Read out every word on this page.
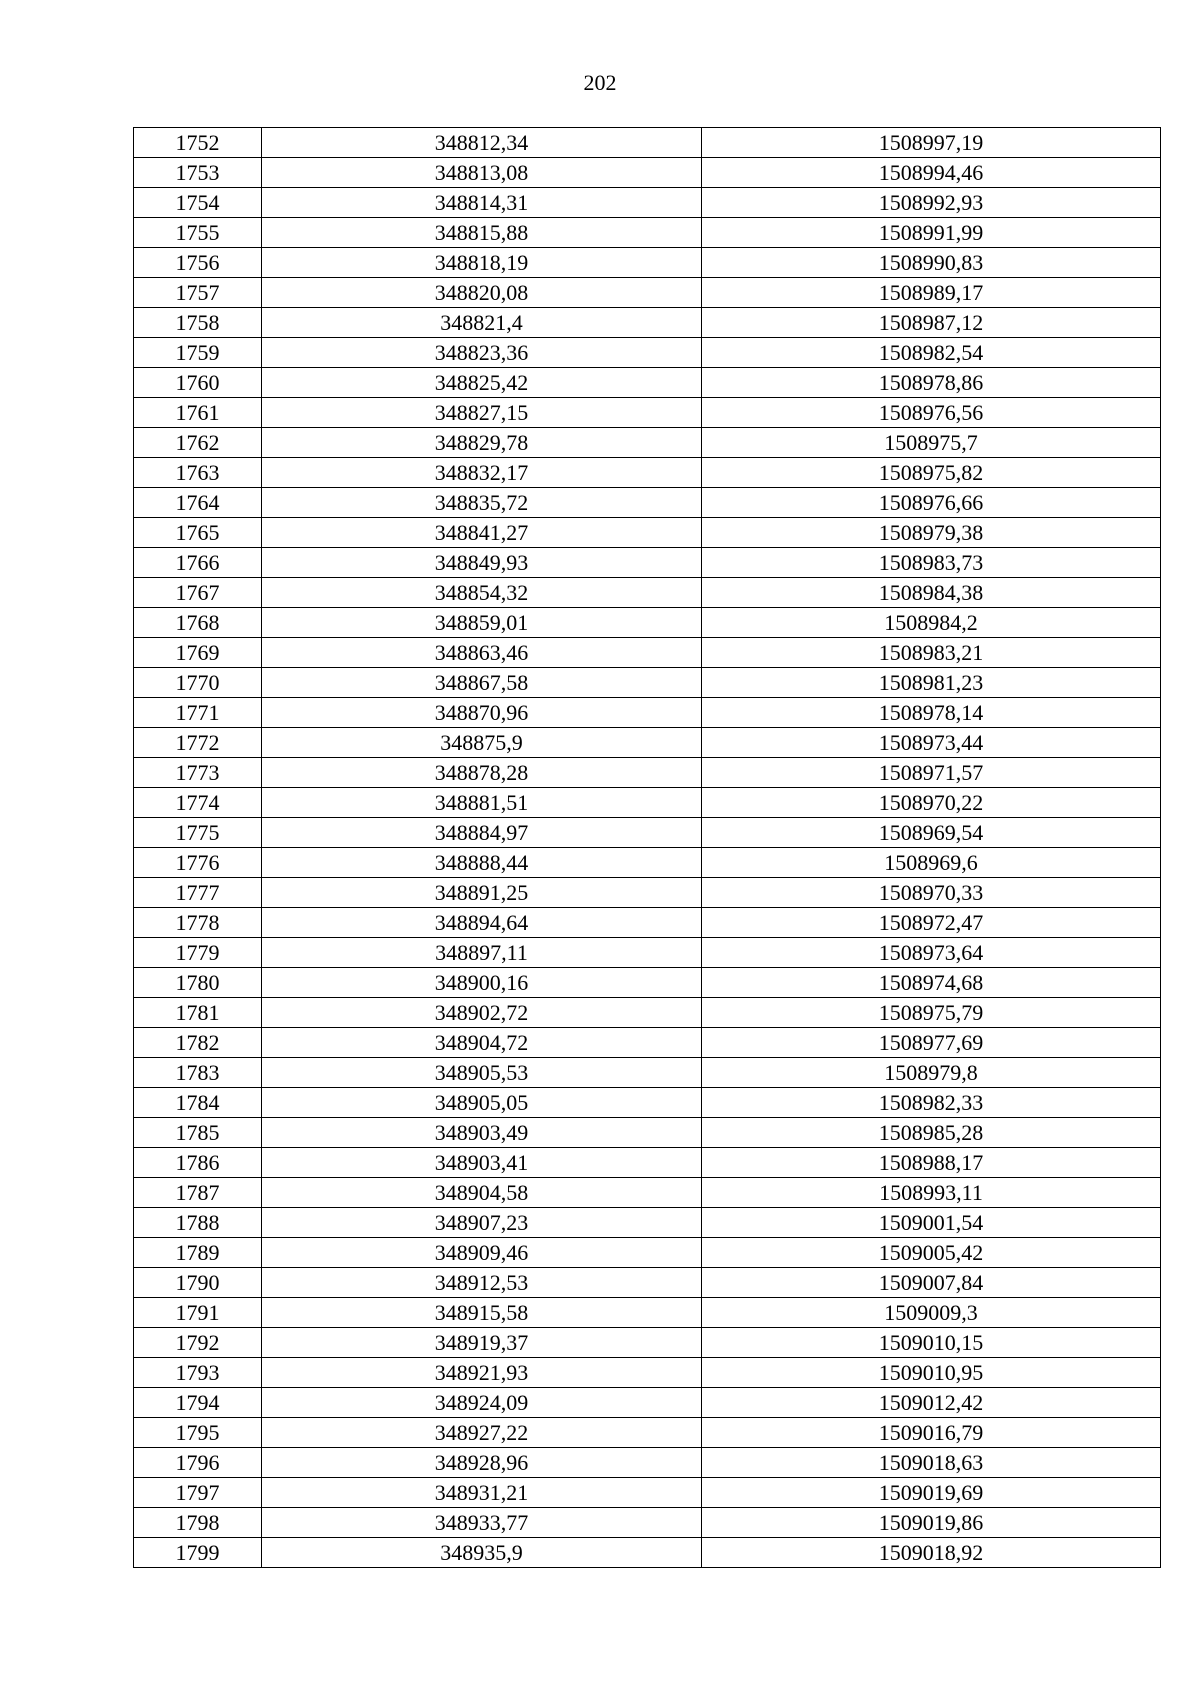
202
1752	348812,34	1508997,19
1753	348813,08	1508994,46
1754	348814,31	1508992,93
1755	348815,88	1508991,99
1756	348818,19	1508990,83
1757	348820,08	1508989,17
1758	348821,4	1508987,12
1759	348823,36	1508982,54
1760	348825,42	1508978,86
1761	348827,15	1508976,56
1762	348829,78	1508975,7
1763	348832,17	1508975,82
1764	348835,72	1508976,66
1765	348841,27	1508979,38
1766	348849,93	1508983,73
1767	348854,32	1508984,38
1768	348859,01	1508984,2
1769	348863,46	1508983,21
1770	348867,58	1508981,23
1771	348870,96	1508978,14
1772	348875,9	1508973,44
1773	348878,28	1508971,57
1774	348881,51	1508970,22
1775	348884,97	1508969,54
1776	348888,44	1508969,6
1777	348891,25	1508970,33
1778	348894,64	1508972,47
1779	348897,11	1508973,64
1780	348900,16	1508974,68
1781	348902,72	1508975,79
1782	348904,72	1508977,69
1783	348905,53	1508979,8
1784	348905,05	1508982,33
1785	348903,49	1508985,28
1786	348903,41	1508988,17
1787	348904,58	1508993,11
1788	348907,23	1509001,54
1789	348909,46	1509005,42
1790	348912,53	1509007,84
1791	348915,58	1509009,3
1792	348919,37	1509010,15
1793	348921,93	1509010,95
1794	348924,09	1509012,42
1795	348927,22	1509016,79
1796	348928,96	1509018,63
1797	348931,21	1509019,69
1798	348933,77	1509019,86
1799	348935,9	1509018,92
